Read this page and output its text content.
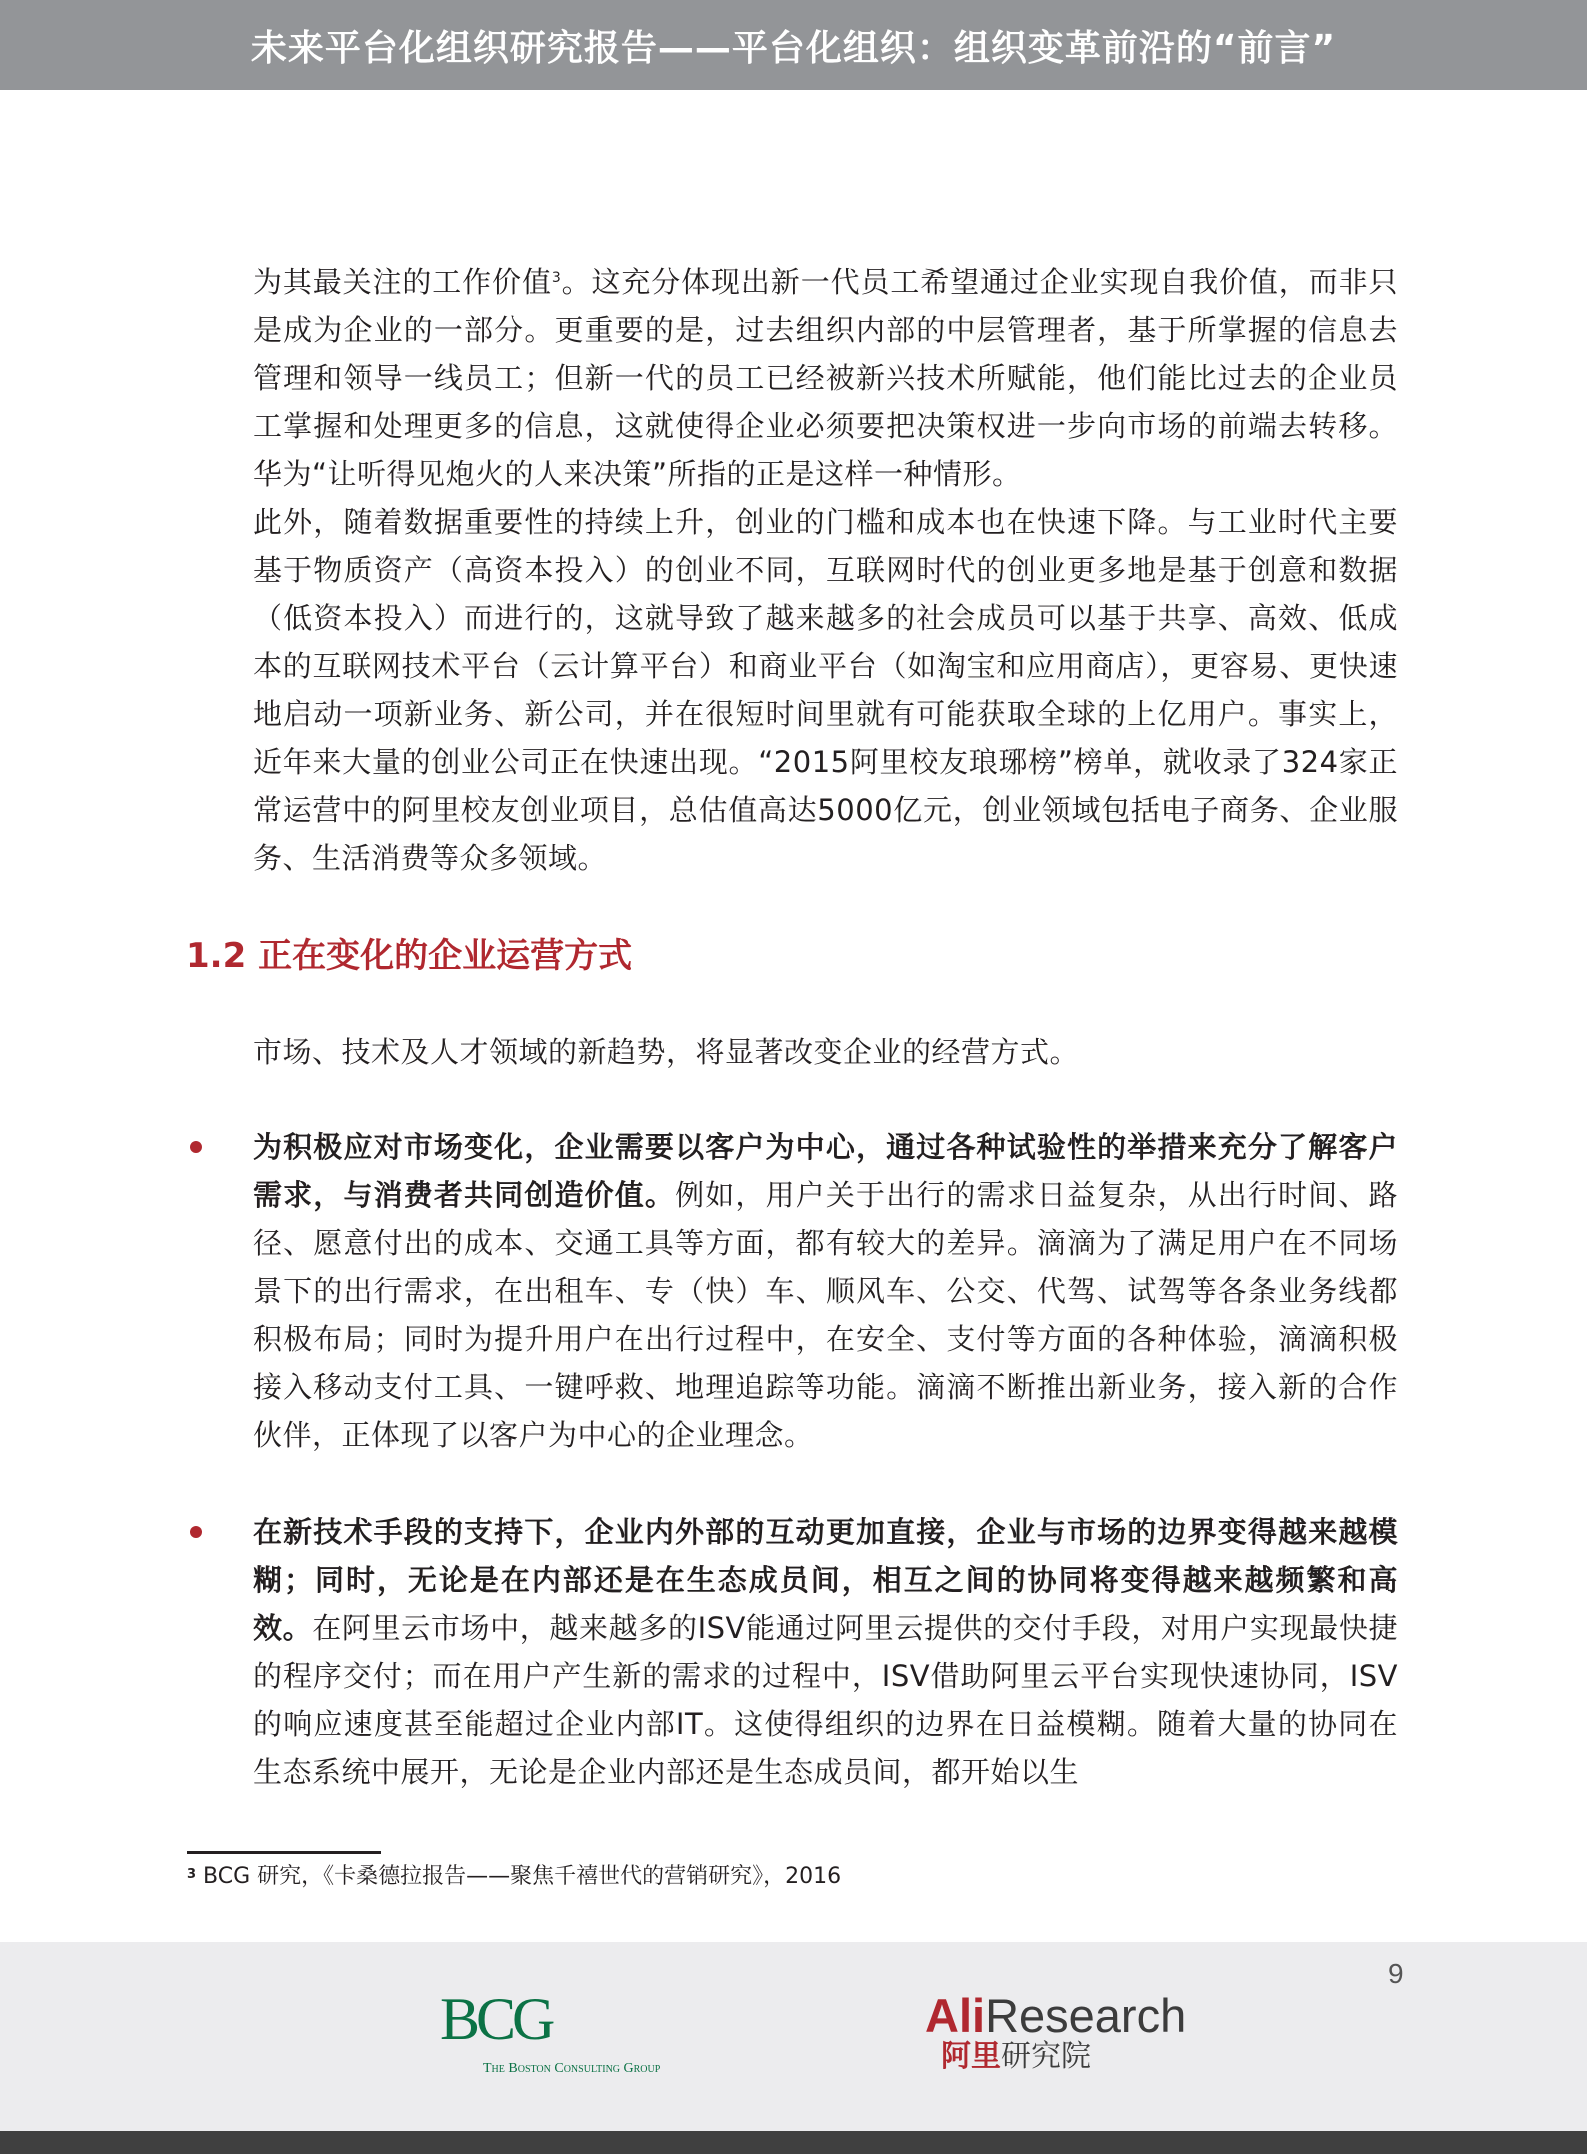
未来平台化组织研究报告——平台化组织：组织变革前沿的“前言”
为其最关注的工作价值$^3$。这充分体现出新一代员工希望通过企业实现自我价值，而非只是成为企业的一部分。更重要的是，过去组织内部的中层管理者，基于所掌握的信息去管理和领导一线员工；但新一代的员工已经被新兴技术所赋能，他们能比过去的企业员工掌握和处理更多的信息，这就使得企业必须要把决策权进一步向市场的前端去转移。华为“让听得见炮火的人来决策”所指的正是这样一种情形。
此外，随着数据重要性的持续上升，创业的门槛和成本也在快速下降。与工业时代主要基于物质资产（高资本投入）的创业不同，互联网时代的创业更多地是基于创意和数据（低资本投入）而进行的，这就导致了越来越多的社会成员可以基于共享、高效、低成本的互联网技术平台（云计算平台）和商业平台（如淘宝和应用商店），更容易、更快速地启动一项新业务、新公司，并在很短时间里就有可能获取全球的上亿用户。事实上，近年来大量的创业公司正在快速出现。“2015阿里校友琅琊榜”榜单，就收录了324家正常运营中的阿里校友创业项目，总估值高达5000亿元，创业领域包括电子商务、企业服务、生活消费等众多领域。
1.2 正在变化的企业运营方式
市场、技术及人才领域的新趋势，将显著改变企业的经营方式。
为积极应对市场变化，企业需要以客户为中心，通过各种试验性的举措来充分了解客户需求，与消费者共同创造价值。例如，用户关于出行的需求日益复杂，从出行时间、路径、愿意付出的成本、交通工具等方面，都有较大的差异。滴滴为了满足用户在不同场景下的出行需求，在出租车、专（快）车、顺风车、公交、代驾、试驾等各条业务线都积极布局；同时为提升用户在出行过程中，在安全、支付等方面的各种体验，滴滴积极接入移动支付工具、一键呼救、地理追踪等功能。滴滴不断推出新业务，接入新的合作伙伴，正体现了以客户为中心的企业理念。
在新技术手段的支持下，企业内外部的互动更加直接，企业与市场的边界变得越来越模糊；同时，无论是在内部还是在生态成员间，相互之间的协同将变得越来越频繁和高效。在阿里云市场中，越来越多的ISV能通过阿里云提供的交付手段，对用户实现最快捷的程序交付；而在用户产生新的需求的过程中，ISV借助阿里云平台实现快速协同，ISV的响应速度甚至能超过企业内部IT。这使得组织的边界在日益模糊。随着大量的协同在生态系统中展开，无论是企业内部还是生态成员间，都开始以生
$^3$ BCG 研究，《卡桑德拉报告——聚焦千禧世代的营销研究》，2016
9
BCG
The Boston Consulting Group
AliResearch
阿里研究院
